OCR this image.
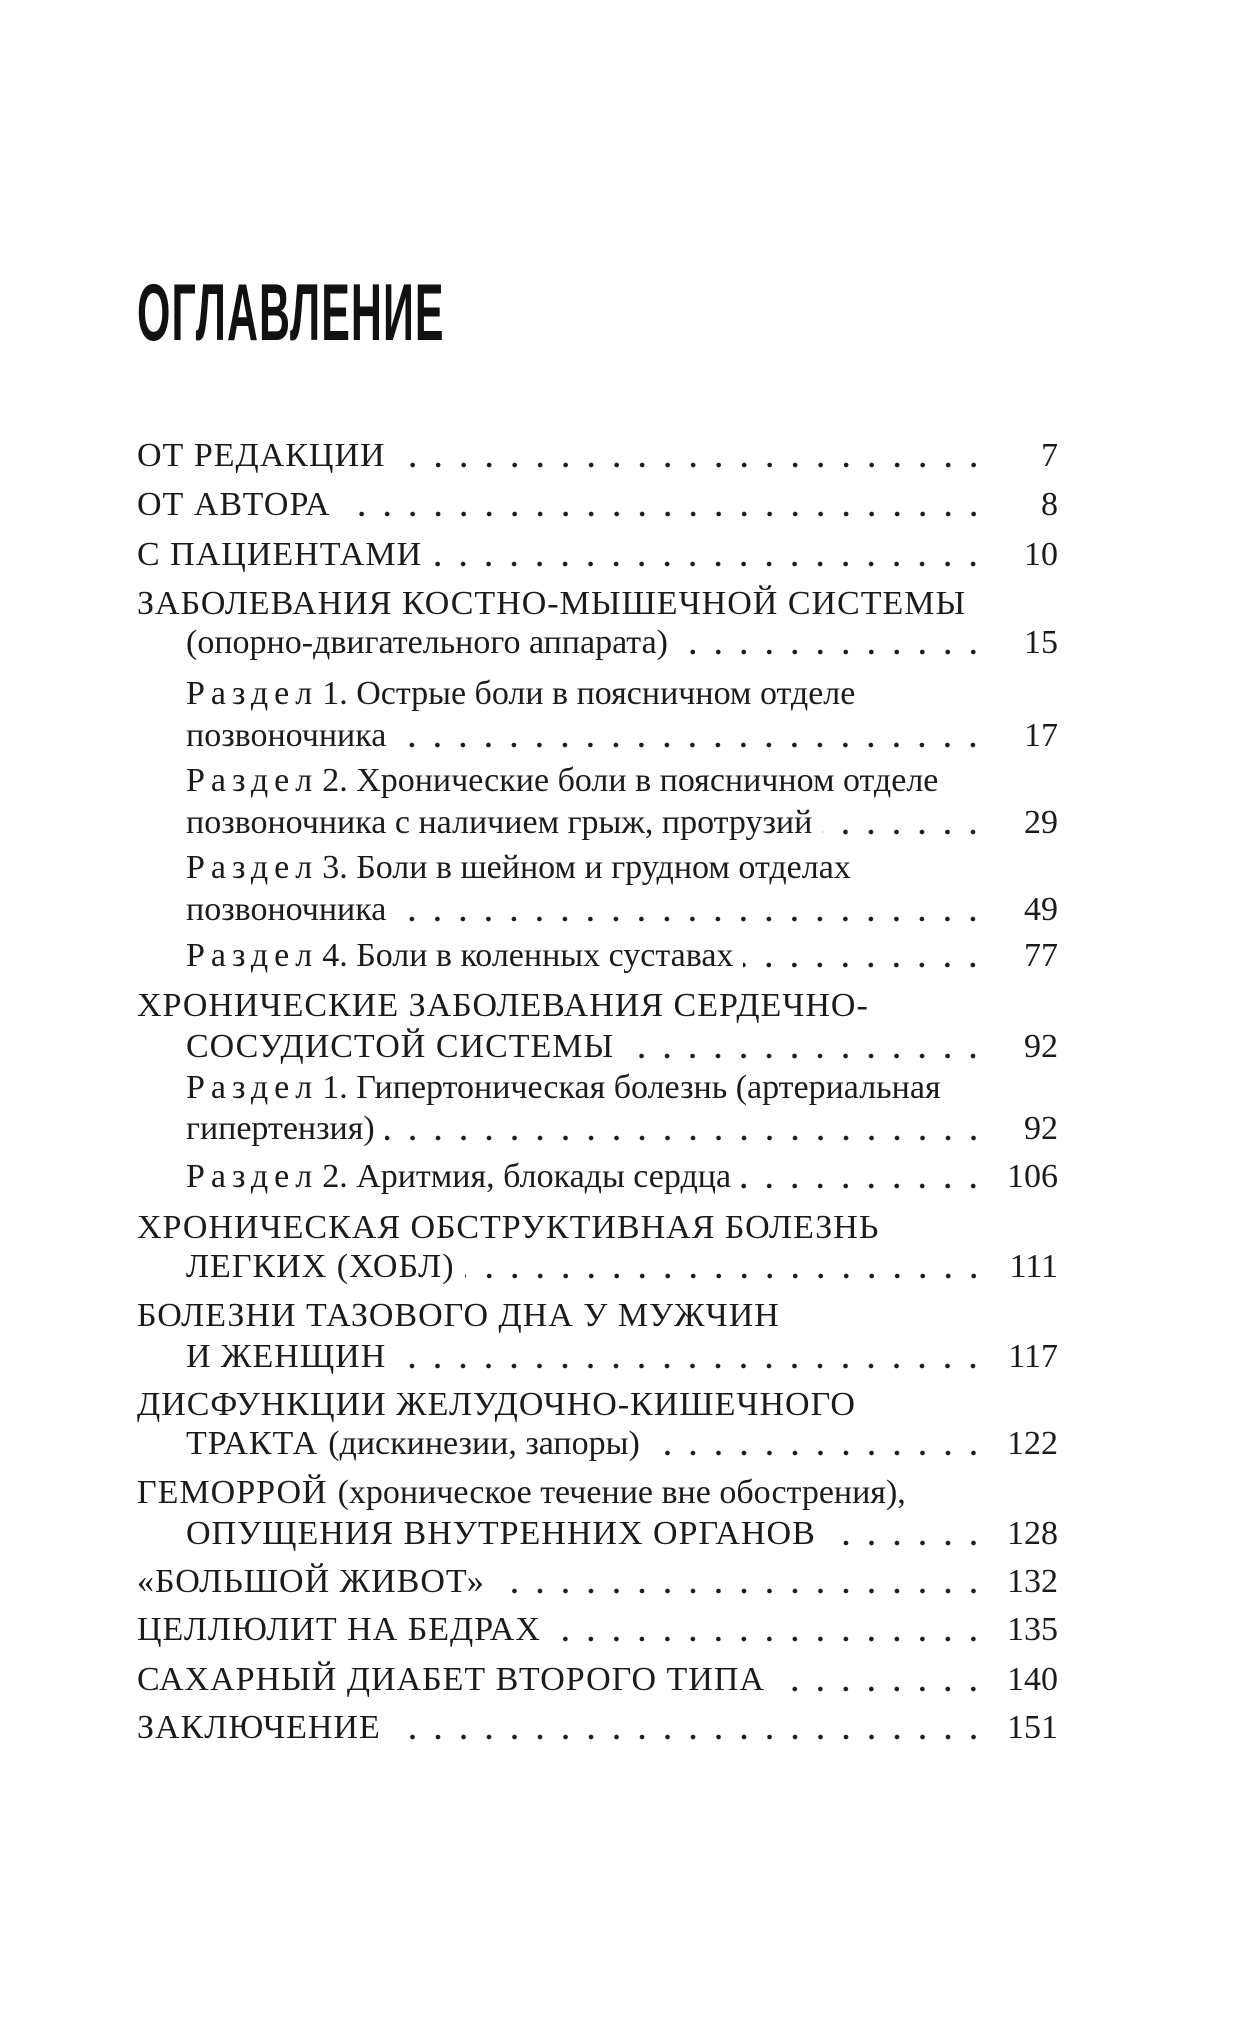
ОГЛАВЛЕНИЕ
ОТ РЕДАКЦИИ	7
ОТ АВТОРА	8
С ПАЦИЕНТАМИ	10
ЗАБОЛЕВАНИЯ КОСТНО-МЫШЕЧНОЙ СИСТЕМЫ
(опорно-двигательного аппарата)	15
Раздел 1. Острые боли в поясничном отделе
позвоночника	17
Раздел 2. Хронические боли в поясничном отделе
позвоночника с наличием грыж, протрузий	29
Раздел 3. Боли в шейном и грудном отделах
позвоночника	49
Раздел 4. Боли в коленных суставах	77
ХРОНИЧЕСКИЕ ЗАБОЛЕВАНИЯ СЕРДЕЧНО-
СОСУДИСТОЙ СИСТЕМЫ	92
Раздел 1. Гипертоническая болезнь (артериальная
гипертензия)	92
Раздел 2. Аритмия, блокады сердца	106
ХРОНИЧЕСКАЯ ОБСТРУКТИВНАЯ БОЛЕЗНЬ
ЛЕГКИХ (ХОБЛ)	111
БОЛЕЗНИ ТАЗОВОГО ДНА У МУЖЧИН
И ЖЕНЩИН	117
ДИСФУНКЦИИ ЖЕЛУДОЧНО-КИШЕЧНОГО
ТРАКТА (дискинезии, запоры)	122
ГЕМОРРОЙ (хроническое течение вне обострения),
ОПУЩЕНИЯ ВНУТРЕННИХ ОРГАНОВ	128
«БОЛЬШОЙ ЖИВОТ»	132
ЦЕЛЛЮЛИТ НА БЕДРАХ	135
САХАРНЫЙ ДИАБЕТ ВТОРОГО ТИПА	140
ЗАКЛЮЧЕНИЕ	151
